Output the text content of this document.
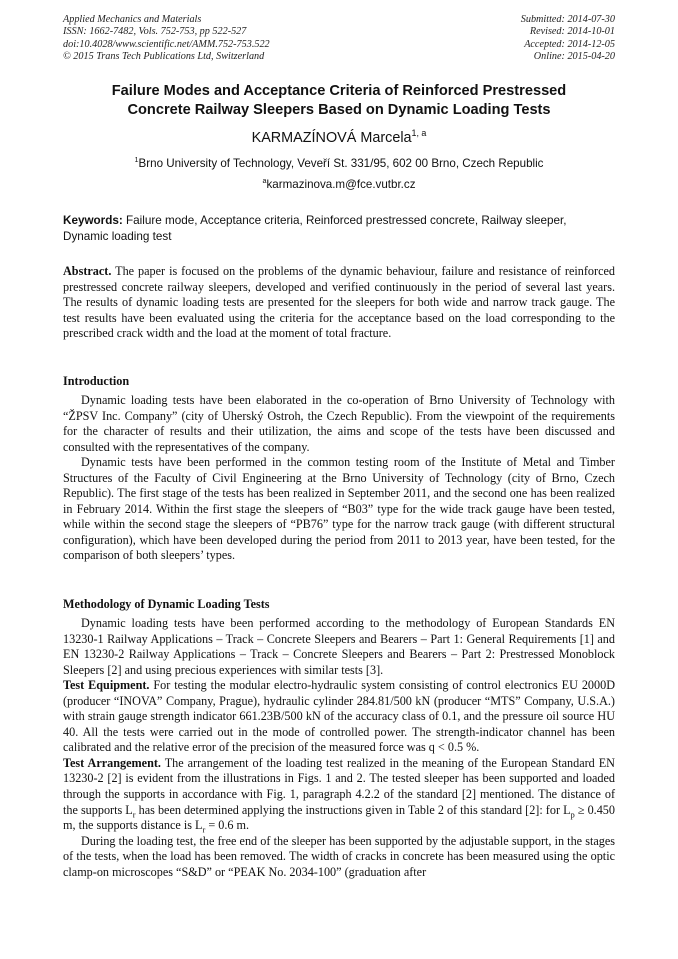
Applied Mechanics and Materials
ISSN: 1662-7482, Vols. 752-753, pp 522-527
doi:10.4028/www.scientific.net/AMM.752-753.522
© 2015 Trans Tech Publications Ltd, Switzerland
Submitted: 2014-07-30
Revised: 2014-10-01
Accepted: 2014-12-05
Online: 2015-04-20
Failure Modes and Acceptance Criteria of Reinforced Prestressed
Concrete Railway Sleepers Based on Dynamic Loading Tests
KARMAZÍNOVÁ Marcela$^{1, a}$
$^1$Brno University of Technology, Veveří St. 331/95, 602 00 Brno, Czech Republic
$^a$karmazinova.m@fce.vutbr.cz
Keywords: Failure mode, Acceptance criteria, Reinforced prestressed concrete, Railway sleeper, Dynamic loading test

Abstract. The paper is focused on the problems of the dynamic behaviour, failure and resistance of reinforced prestressed concrete railway sleepers, developed and verified continuously in the period of several last years. The results of dynamic loading tests are presented for the sleepers for both wide and narrow track gauge. The test results have been evaluated using the criteria for the acceptance based on the load corresponding to the prescribed crack width and the load at the moment of total fracture.

Introduction

Dynamic loading tests have been elaborated in the co-operation of Brno University of Technology with “ŽPSV Inc. Company” (city of Uherský Ostroh, the Czech Republic). From the viewpoint of the requirements for the character of results and their utilization, the aims and scope of the tests have been discussed and consulted with the representatives of the company.

Dynamic tests have been performed in the common testing room of the Institute of Metal and Timber Structures of the Faculty of Civil Engineering at the Brno University of Technology (city of Brno, Czech Republic). The first stage of the tests has been realized in September 2011, and the second one has been realized in February 2014. Within the first stage the sleepers of “B03” type for the wide track gauge have been tested, while within the second stage the sleepers of “PB76” type for the narrow track gauge (with different structural configuration), which have been developed during the period from 2011 to 2013 year, have been tested, for the comparison of both sleepers’ types.

Methodology of Dynamic Loading Tests

Dynamic loading tests have been performed according to the methodology of European Standards EN 13230-1 Railway Applications – Track – Concrete Sleepers and Bearers – Part 1: General Requirements [1] and EN 13230-2 Railway Applications – Track – Concrete Sleepers and Bearers – Part 2: Prestressed Monoblock Sleepers [2] and using precious experiences with similar tests [3].

Test Equipment. For testing the modular electro-hydraulic system consisting of control electronics EU 2000D (producer “INOVA” Company, Prague), hydraulic cylinder 284.81/500 kN (producer “MTS” Company, U.S.A.) with strain gauge strength indicator 661.23B/500 kN of the accuracy class of 0.1, and the pressure oil source HU 40. All the tests were carried out in the mode of controlled power. The strength-indicator channel has been calibrated and the relative error of the precision of the measured force was q < 0.5 %.

Test Arrangement. The arrangement of the loading test realized in the meaning of the European Standard EN 13230-2 [2] is evident from the illustrations in Figs. 1 and 2. The tested sleeper has been supported and loaded through the supports in accordance with Fig. 1, paragraph 4.2.2 of the standard [2] mentioned. The distance of the supports $L_r$ has been determined applying the instructions given in Table 2 of this standard [2]: for $L_p \ge 0.450$ m, the supports distance is $L_r = 0.6$ m.

During the loading test, the free end of the sleeper has been supported by the adjustable support, in the stages of the tests, when the load has been removed. The width of cracks in concrete has been measured using the optic clamp-on microscopes “S&D” or “PEAK No. 2034-100” (graduation after
